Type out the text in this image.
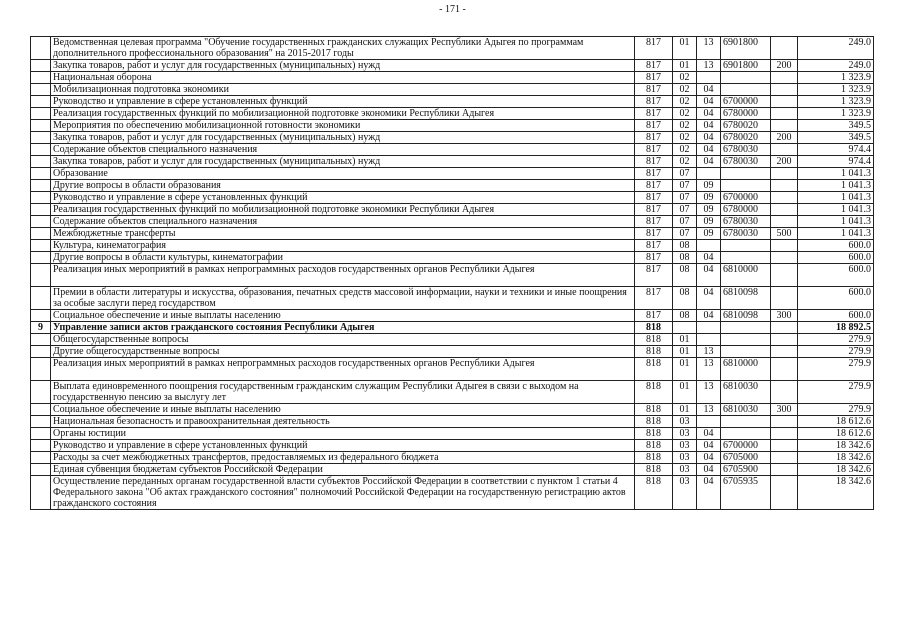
- 171 -
	Ведомственная целевая программа "Обучение государственных гражданских служащих Республики Адыгея по программам дополнительного профессионального образования" на 2015-2017 годы	817	01	13	6901800		249.0
	Закупка товаров, работ и услуг для государственных (муниципальных) нужд	817	01	13	6901800	200	249.0
	Национальная оборона	817	02				1 323.9
	Мобилизационная подготовка экономики	817	02	04			1 323.9
	Руководство и управление в сфере установленных функций	817	02	04	6700000		1 323.9
	Реализация государственных функций по мобилизационной подготовке экономики Республики Адыгея	817	02	04	6780000		1 323.9
	Мероприятия по обеспечению мобилизационной готовности экономики	817	02	04	6780020		349.5
	Закупка товаров, работ и услуг для государственных (муниципальных) нужд	817	02	04	6780020	200	349.5
	Содержание объектов специального назначения	817	02	04	6780030		974.4
	Закупка товаров, работ и услуг для государственных (муниципальных) нужд	817	02	04	6780030	200	974.4
	Образование	817	07				1 041.3
	Другие вопросы в области образования	817	07	09			1 041.3
	Руководство и управление в сфере установленных функций	817	07	09	6700000		1 041.3
	Реализация государственных функций по мобилизационной подготовке экономики Республики Адыгея	817	07	09	6780000		1 041.3
	Содержание объектов специального назначения	817	07	09	6780030		1 041.3
	Межбюджетные трансферты	817	07	09	6780030	500	1 041.3
	Культура, кинематография	817	08				600.0
	Другие вопросы в области культуры, кинематографии	817	08	04			600.0
	Реализация иных мероприятий в рамках непрограммных расходов государственных органов Республики Адыгея	817	08	04	6810000		600.0
	Премии в области литературы и искусства, образования, печатных средств массовой информации, науки и техники и иные поощрения за особые заслуги перед государством	817	08	04	6810098		600.0
	Социальное обеспечение и иные выплаты населению	817	08	04	6810098	300	600.0
9	Управление записи актов гражданского состояния Республики Адыгея	818					18 892.5
	Общегосударственные вопросы	818	01				279.9
	Другие общегосударственные вопросы	818	01	13			279.9
	Реализация иных мероприятий в рамках непрограммных расходов государственных органов Республики Адыгея	818	01	13	6810000		279.9
	Выплата единовременного поощрения государственным гражданским служащим Республики Адыгея в связи с выходом на государственную пенсию за выслугу лет	818	01	13	6810030		279.9
	Социальное обеспечение и иные выплаты населению	818	01	13	6810030	300	279.9
	Национальная безопасность и правоохранительная деятельность	818	03				18 612.6
	Органы юстиции	818	03	04			18 612.6
	Руководство и управление в сфере установленных функций	818	03	04	6700000		18 342.6
	Расходы за счет межбюджетных трансфертов, предоставляемых из федерального бюджета	818	03	04	6705000		18 342.6
	Единая субвенция бюджетам субъектов Российской Федерации	818	03	04	6705900		18 342.6
	Осуществление переданных органам государственной власти субъектов Российской Федерации в соответствии с пунктом 1 статьи 4 Федерального закона "Об актах гражданского состояния" полномочий Российской Федерации на государственную регистрацию актов гражданского состояния	818	03	04	6705935		18 342.6
